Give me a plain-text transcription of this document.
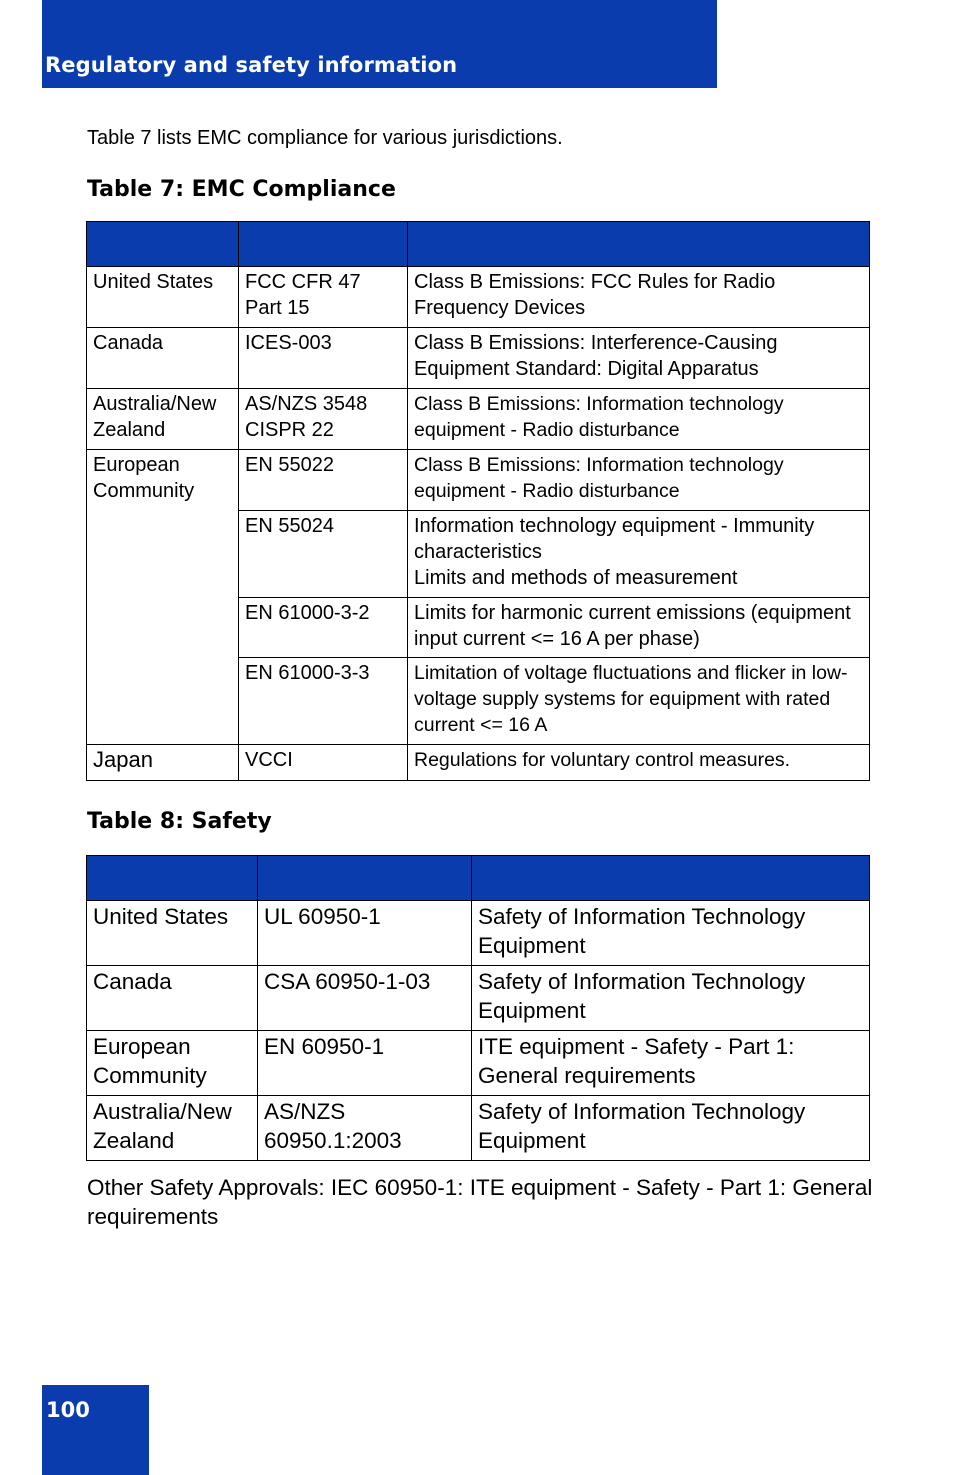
Regulatory and safety information
Table 7 lists EMC compliance for various jurisdictions.
Table 7: EMC Compliance

United States	FCC CFR 47 Part 15	Class B Emissions: FCC Rules for Radio Frequency Devices
Canada	ICES-003	Class B Emissions: Interference-Causing Equipment Standard: Digital Apparatus
Australia/New Zealand	AS/NZS 3548 CISPR 22	Class B Emissions: Information technology equipment - Radio disturbance
European Community	EN 55022	Class B Emissions: Information technology equipment - Radio disturbance
	EN 55024	Information technology equipment - Immunity characteristics
Limits and methods of measurement

	EN 61000-3-2	Limits for harmonic current emissions (equipment input current <= 16 A per phase)
	EN 61000-3-3	Limitation of voltage fluctuations and flicker in low-voltage supply systems for equipment with rated current <= 16 A
Japan	VCCI	Regulations for voluntary control measures.
Table 8: Safety

United States	UL 60950-1	Safety of Information Technology Equipment
Canada	CSA 60950-1-03	Safety of Information Technology Equipment
European Community	EN 60950-1	ITE equipment - Safety - Part 1: General requirements
Australia/New Zealand	AS/NZS 60950.1:2003	Safety of Information Technology Equipment
Other Safety Approvals: IEC 60950-1: ITE equipment - Safety - Part 1: General requirements
100
